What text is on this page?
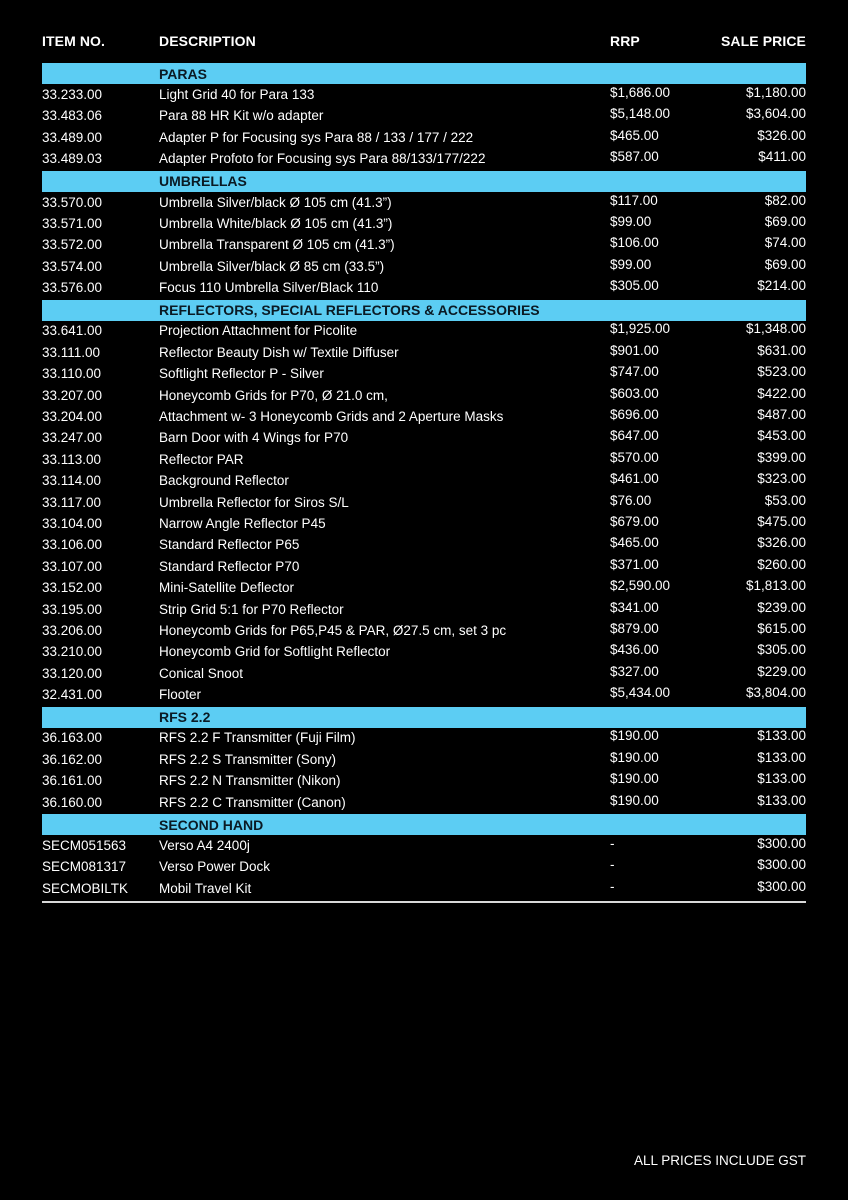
ITEM NO.	DESCRIPTION	RRP	SALE PRICE
PARAS
33.233.00	Light Grid 40 for Para 133	$1,686.00	$1,180.00
33.483.06	Para 88 HR Kit w/o adapter	$5,148.00	$3,604.00
33.489.00	Adapter P for Focusing sys Para 88 / 133 / 177 / 222	$465.00	$326.00
33.489.03	Adapter Profoto for Focusing sys Para 88/133/177/222	$587.00	$411.00
UMBRELLAS
33.570.00	Umbrella Silver/black Ø 105 cm (41.3”)	$117.00	$82.00
33.571.00	Umbrella White/black Ø 105 cm (41.3”)	$99.00	$69.00
33.572.00	Umbrella Transparent Ø 105 cm (41.3”)	$106.00	$74.00
33.574.00	Umbrella Silver/black Ø 85 cm (33.5”)	$99.00	$69.00
33.576.00	Focus 110 Umbrella Silver/Black 110	$305.00	$214.00
REFLECTORS, SPECIAL REFLECTORS & ACCESSORIES
33.641.00	Projection Attachment for Picolite	$1,925.00	$1,348.00
33.111.00	Reflector Beauty Dish w/ Textile Diffuser	$901.00	$631.00
33.110.00	Softlight Reflector P - Silver	$747.00	$523.00
33.207.00	Honeycomb Grids for P70, Ø 21.0 cm,	$603.00	$422.00
33.204.00	Attachment w- 3 Honeycomb Grids and 2 Aperture Masks	$696.00	$487.00
33.247.00	Barn Door with 4 Wings for P70	$647.00	$453.00
33.113.00	Reflector PAR	$570.00	$399.00
33.114.00	Background Reflector	$461.00	$323.00
33.117.00	Umbrella Reflector for Siros S/L	$76.00	$53.00
33.104.00	Narrow Angle Reflector P45	$679.00	$475.00
33.106.00	Standard Reflector P65	$465.00	$326.00
33.107.00	Standard Reflector P70	$371.00	$260.00
33.152.00	Mini-Satellite Deflector	$2,590.00	$1,813.00
33.195.00	Strip Grid 5:1 for P70 Reflector	$341.00	$239.00
33.206.00	Honeycomb Grids for P65,P45 & PAR, Ø27.5 cm, set 3 pc	$879.00	$615.00
33.210.00	Honeycomb Grid for Softlight Reflector	$436.00	$305.00
33.120.00	Conical Snoot	$327.00	$229.00
32.431.00	Flooter	$5,434.00	$3,804.00
RFS 2.2
36.163.00	RFS 2.2 F Transmitter (Fuji Film)	$190.00	$133.00
36.162.00	RFS 2.2 S Transmitter (Sony)	$190.00	$133.00
36.161.00	RFS 2.2 N Transmitter (Nikon)	$190.00	$133.00
36.160.00	RFS 2.2 C Transmitter (Canon)	$190.00	$133.00
SECOND HAND
SECM051563	Verso A4 2400j	-	$300.00
SECM081317	Verso Power Dock	-	$300.00
SECMOBILTK	Mobil Travel Kit	-	$300.00
ALL PRICES INCLUDE GST
